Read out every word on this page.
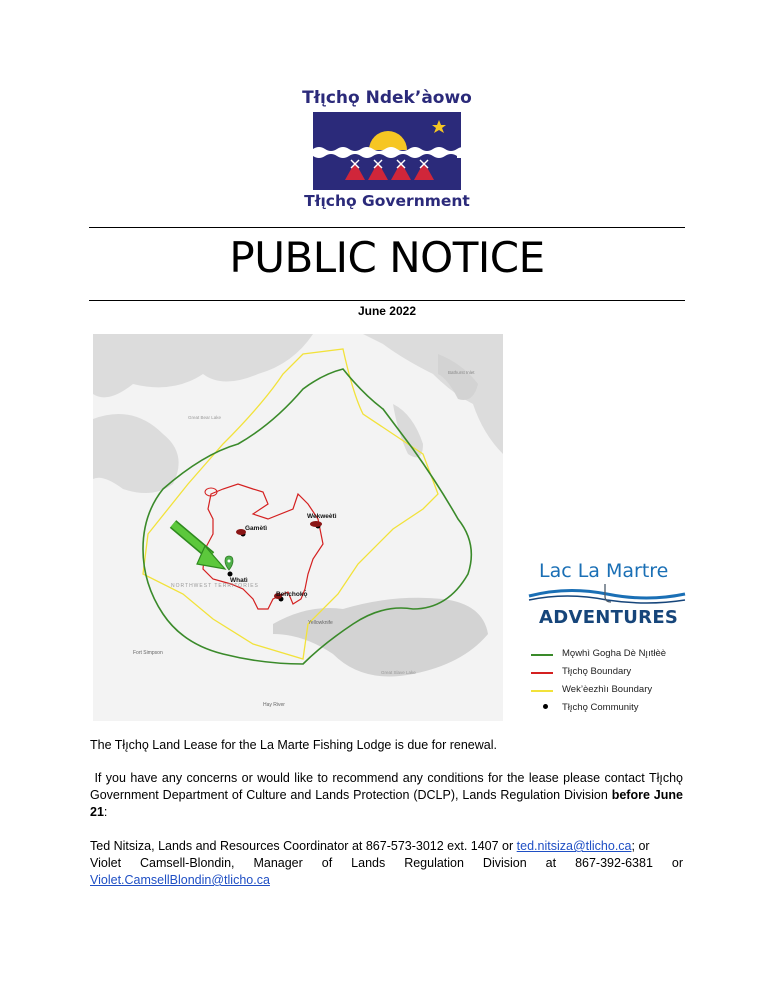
Tłı̨chǫ Ndek’àowo
Tłı̨chǫ Government
PUBLIC NOTICE
June 2022
Gamètì
Wekweètì
Whatì
Behchokǫ̀
Yellowknife
Fort Simpson
Hay River
NORTHWEST TERRITORIES
Great Bear Lake
Bathurst Inlet
Great Slave Lake
Lac La Martre
ADVENTURES
Mǫwhì Gogha Dè Nı̨ıtłèè
Tłı̨chǫ Boundary
Wek’èezhìı Boundary
Tłı̨chǫ Community
The Tłı̨chǫ Land Lease for the La Marte Fishing Lodge is due for renewal.
If you have any concerns or would like to recommend any conditions for the lease please contact Tłı̨chǫ Government Department of Culture and Lands Protection (DCLP), Lands Regulation Division before June 21:
Ted Nitsiza, Lands and Resources Coordinator at 867-573-3012 ext. 1407 or ted.nitsiza@tlicho.ca; or
Violet Camsell-Blondin, Manager of Lands Regulation Division at 867-392-6381 or
Violet.CamsellBlondin@tlicho.ca
